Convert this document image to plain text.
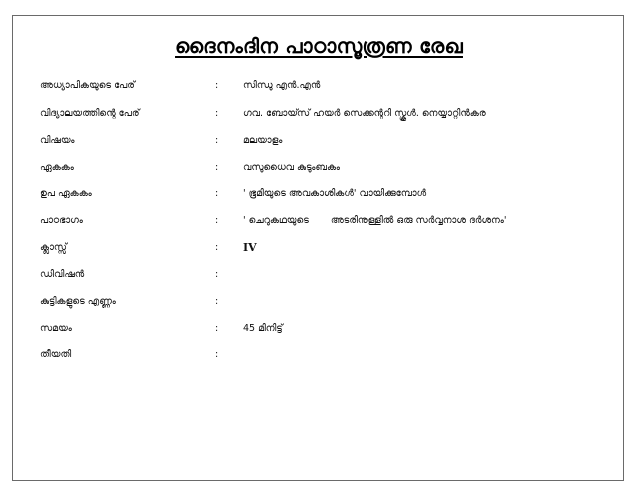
ദൈനംദിന പാഠാസൂത്രണ രേഖ
അധ്യാപികയുടെ പേര്	:	സിന്ധു എൻ.എൻ
വിദ്യാലയത്തിന്റെ പേര്	:	ഗവ. ബോയ്സ് ഹയർ സെക്കന്ററി സ്കൂൾ. നെയ്യാറ്റിൻകര
വിഷയം	:	മലയാളം
ഏകകം	:	വസുധൈവ കുടുംബകം
ഉപ ഏകകം	:	' ഭൂമിയുടെ അവകാശികൾ' വായിക്കുമ്പോൾ
പാഠഭാഗം	:	' ചെറുകഥയുടെ അടരിനുള്ളിൽ ഒരു സർവ്വനാശ ദർശനം'
ക്ലാസ്സ്	: IV
ഡിവിഷൻ	:
കുട്ടികളുടെ എണ്ണം	:
സമയം	:	45 മിനിട്ട്
തീയതി	:
